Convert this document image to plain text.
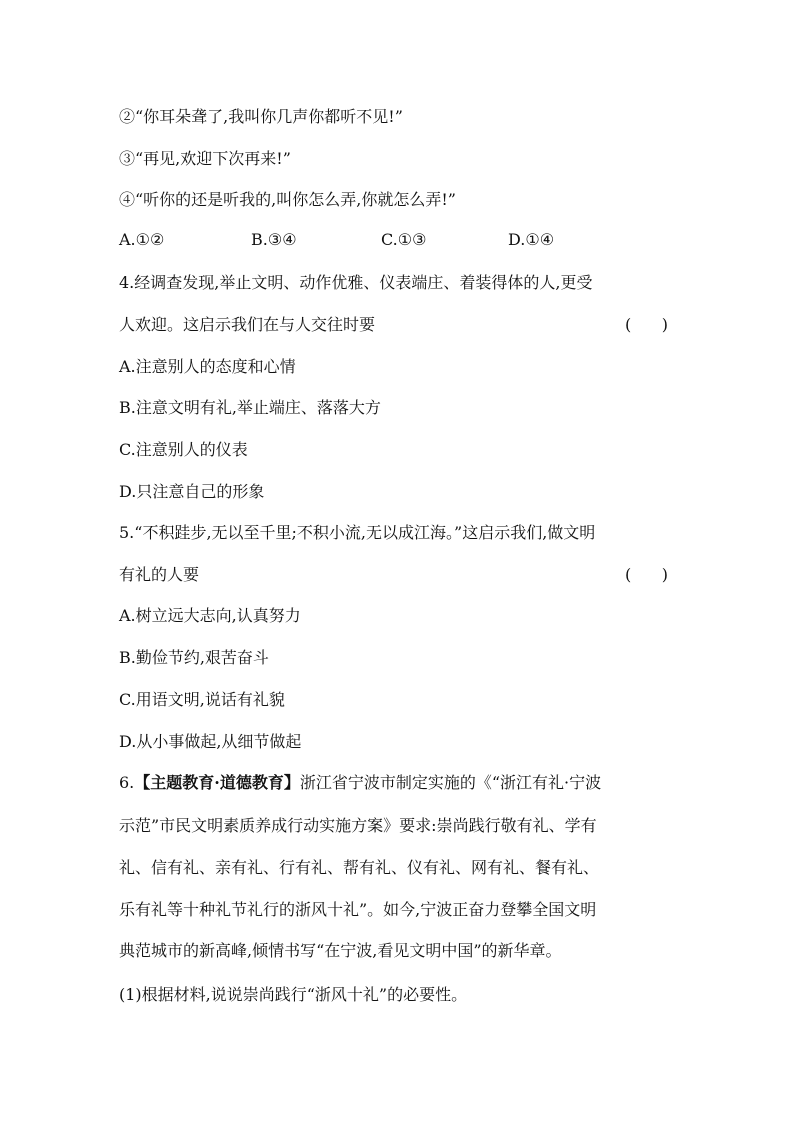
②“你耳朵聋了,我叫你几声你都听不见!”
③“再见,欢迎下次再来!”
④“听你的还是听我的,叫你怎么弄,你就怎么弄!”
A.①②	B.③④	C.①③	D.①④
4.经调查发现,举止文明、动作优雅、仪表端庄、着装得体的人,更受
人欢迎。这启示我们在与人交往时要	(      )
A.注意别人的态度和心情
B.注意文明有礼,举止端庄、落落大方
C.注意别人的仪表
D.只注意自己的形象
5.“不积跬步,无以至千里;不积小流,无以成江海。”这启示我们,做文明
有礼的人要	(      )
A.树立远大志向,认真努力
B.勤俭节约,艰苦奋斗
C.用语文明,说话有礼貌
D.从小事做起,从细节做起
6.【主题教育·道德教育】浙江省宁波市制定实施的《“浙江有礼·宁波
示范”市民文明素质养成行动实施方案》要求:崇尚践行敬有礼、学有
礼、信有礼、亲有礼、行有礼、帮有礼、仪有礼、网有礼、餐有礼、
乐有礼等十种礼节礼行的浙风十礼”。如今,宁波正奋力登攀全国文明
典范城市的新高峰,倾情书写“在宁波,看见文明中国”的新华章。
(1)根据材料,说说崇尚践行“浙风十礼”的必要性。
